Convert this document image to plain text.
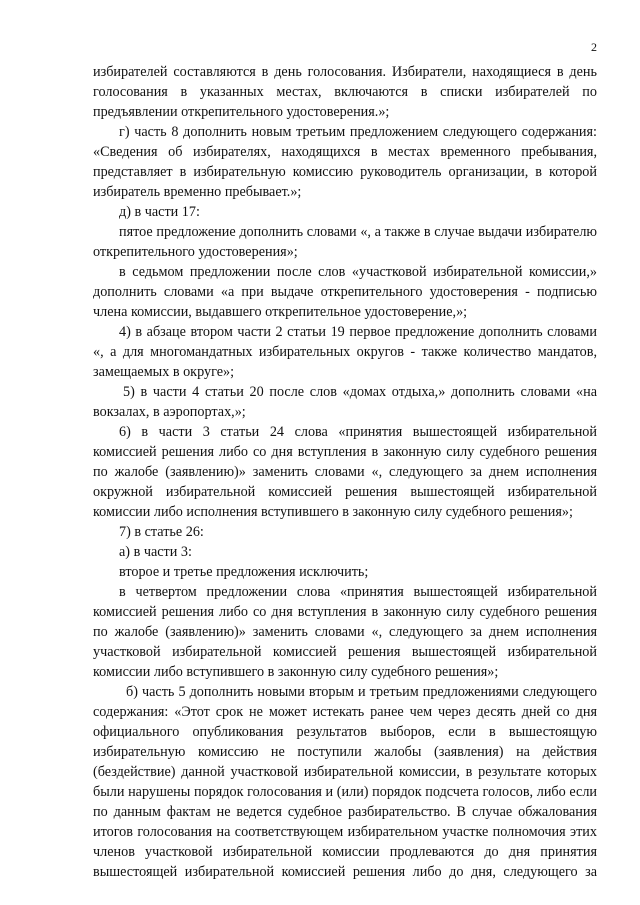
2

избирателей составляются в день голосования. Избиратели, находящиеся в день голосования в указанных местах, включаются в списки избирателей по предъявлении открепительного удостоверения.»;

г) часть 8 дополнить новым третьим предложением следующего содержания: «Сведения об избирателях, находящихся в местах временного пребывания, представляет в избирательную комиссию руководитель организации, в которой избиратель временно пребывает.»;

д) в части 17:

пятое предложение дополнить словами «, а также в случае выдачи избирателю открепительного удостоверения»;

в седьмом предложении после слов «участковой избирательной комиссии,» дополнить словами «а при выдаче открепительного удостоверения - подписью члена комиссии, выдавшего открепительное удостоверение,»;

4) в абзаце втором части 2 статьи 19 первое предложение дополнить словами «, а для многомандатных избирательных округов - также количество мандатов, замещаемых в округе»;

5) в части 4 статьи 20 после слов «домах отдыха,» дополнить словами «на вокзалах, в аэропортах,»;

6) в части 3 статьи 24 слова «принятия вышестоящей избирательной комиссией решения либо со дня вступления в законную силу судебного решения по жалобе (заявлению)» заменить словами «, следующего за днем исполнения окружной избирательной комиссией решения вышестоящей избирательной комиссии либо исполнения вступившего в законную силу судебного решения»;

7) в статье 26:

а) в части 3:

второе и третье предложения исключить;

в четвертом предложении слова «принятия вышестоящей избирательной комиссией решения либо со дня вступления в законную силу судебного решения по жалобе (заявлению)» заменить словами «, следующего за днем исполнения участковой избирательной комиссией решения вышестоящей избирательной комиссии либо вступившего в законную силу судебного решения»;

б) часть 5 дополнить новыми вторым и третьим предложениями следующего содержания: «Этот срок не может истекать ранее чем через десять дней со дня официального опубликования результатов выборов, если в вышестоящую избирательную комиссию не поступили жалобы (заявления) на действия (бездействие) данной участковой избирательной комиссии, в результате которых были нарушены порядок голосования и (или) порядок подсчета голосов, либо если по данным фактам не ведется судебное разбирательство. В случае обжалования итогов голосования на соответствующем избирательном участке полномочия этих членов участковой избирательной комиссии продлеваются до дня принятия вышестоящей избирательной комиссией решения либо до дня, следующего за
